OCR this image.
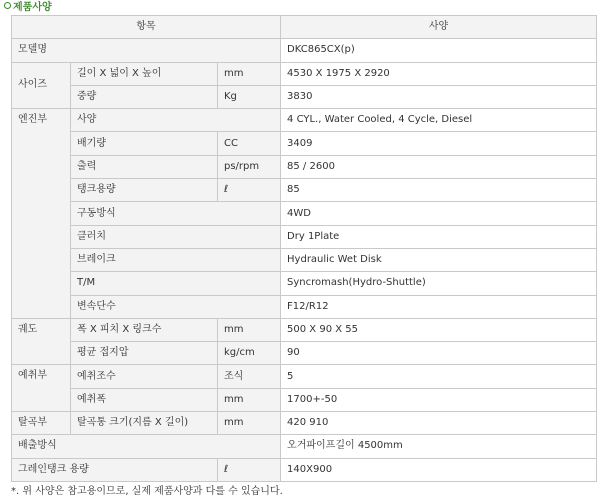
제품사양
항목			사양
모델명			DKC865CX(p)
사이즈	길이 X 넓이 X 높이	mm	4530 X 1975 X 2920
	중량	Kg	3830
엔진부	사양		4 CYL., Water Cooled, 4 Cycle, Diesel
	배기량	CC	3409
	출력	ps/rpm	85 / 2600
	탱크용량	ℓ	85
	구동방식		4WD
	클러치		Dry 1Plate
	브레이크		Hydraulic Wet Disk
	T/M		Syncromash(Hydro-Shuttle)
	변속단수		F12/R12
궤도	폭 X 피치 X 링크수	mm	500 X 90 X 55
	평균 접지압	kg/cm	90
예취부	예취조수	조식	5
	예취폭	mm	1700+-50
탈곡부	탈곡통 크기(지름 X 길이)	mm	420 910
배출방식			오거파이프길이 4500mm
그레인탱크 용량		ℓ	140X900
*. 위 사양은 참고용이므로, 실제 제품사양과 다를 수 있습니다.
